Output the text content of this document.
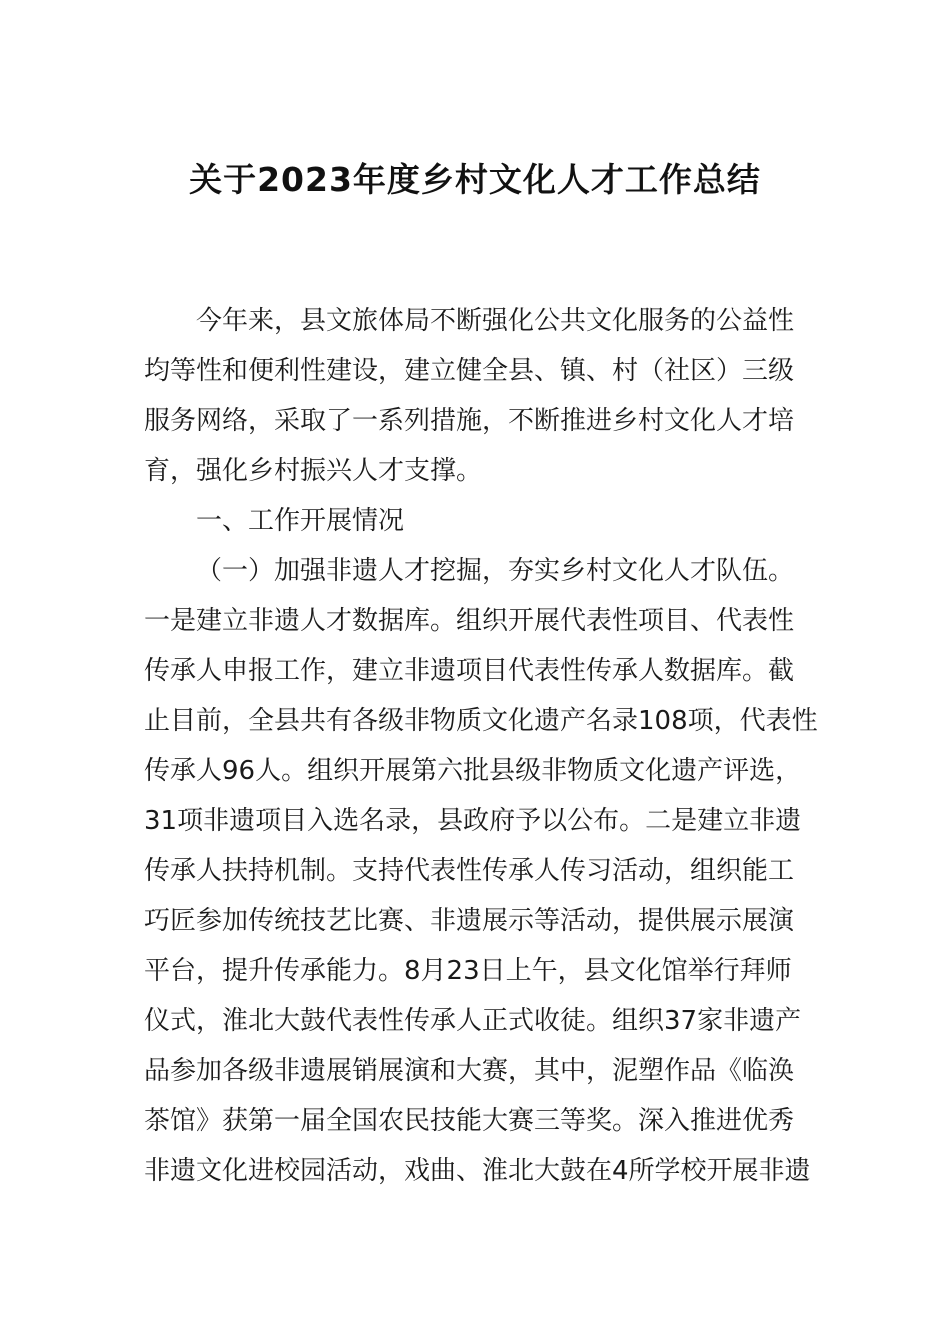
关于2023年度乡村文化人才工作总结
今年来，县文旅体局不断强化公共文化服务的公益性
均等性和便利性建设，建立健全县、镇、村（社区）三级
服务网络，采取了一系列措施，不断推进乡村文化人才培
育，强化乡村振兴人才支撑。
一、工作开展情况
（一）加强非遗人才挖掘，夯实乡村文化人才队伍。
一是建立非遗人才数据库。组织开展代表性项目、代表性
传承人申报工作，建立非遗项目代表性传承人数据库。截
止目前，全县共有各级非物质文化遗产名录108项，代表性
传承人96人。组织开展第六批县级非物质文化遗产评选，
31项非遗项目入选名录，县政府予以公布。二是建立非遗
传承人扶持机制。支持代表性传承人传习活动，组织能工
巧匠参加传统技艺比赛、非遗展示等活动，提供展示展演
平台，提升传承能力。8月23日上午，县文化馆举行拜师
仪式，淮北大鼓代表性传承人正式收徒。组织37家非遗产
品参加各级非遗展销展演和大赛，其中，泥塑作品《临涣
茶馆》获第一届全国农民技能大赛三等奖。深入推进优秀
非遗文化进校园活动，戏曲、淮北大鼓在4所学校开展非遗
